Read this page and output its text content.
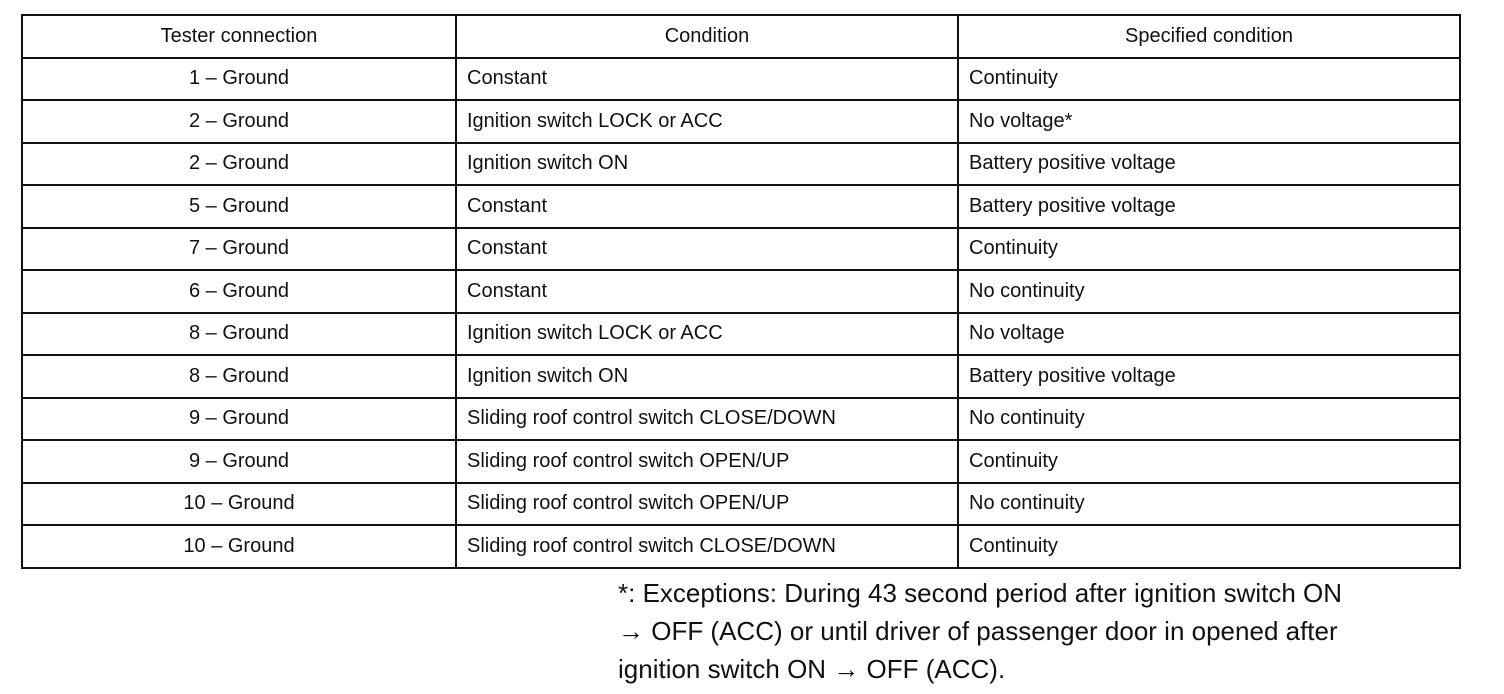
Tester connection	Condition	Specified condition
1 – Ground	Constant	Continuity
2 – Ground	Ignition switch LOCK or ACC	No voltage*
2 – Ground	Ignition switch ON	Battery positive voltage
5 – Ground	Constant	Battery positive voltage
7 – Ground	Constant	Continuity
6 – Ground	Constant	No continuity
8 – Ground	Ignition switch LOCK or ACC	No voltage
8 – Ground	Ignition switch ON	Battery positive voltage
9 – Ground	Sliding roof control switch CLOSE/DOWN	No continuity
9 – Ground	Sliding roof control switch OPEN/UP	Continuity
10 – Ground	Sliding roof control switch OPEN/UP	No continuity
10 – Ground	Sliding roof control switch CLOSE/DOWN	Continuity
*: Exceptions: During 43 second period after ignition switch ON
→ OFF (ACC) or until driver of passenger door in opened after
ignition switch ON → OFF (ACC).
